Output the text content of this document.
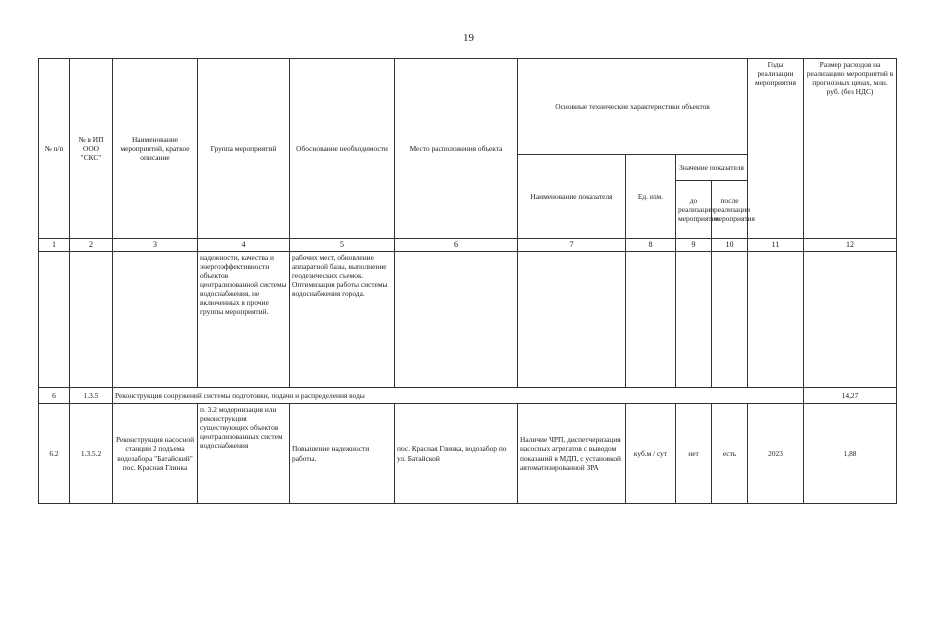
19
№ п/п	№ в ИП ООО "СКС"	Наименование мероприятий, краткое описание	Группа мероприятий	Обоснование необходимости	Место расположения объекта	Основные технические характеристики объектов				Годы реализации мероприятия	Размер расходов на реализацию мероприятий в прогнозных ценах, млн. руб. (без НДС)
						Наименование показателя	Ед. изм.	Значение показателя			
								до реализации мероприятия	после реализации мероприятия		
1	2	3	4	5	6	7	8	9	10	11	12
			надежности, качества и энергоэффективности объектов централизованной системы водоснабжения, не включенных в прочие группы мероприятий.	рабочих мест, обновление аппаратной базы, выполнение геодезических съемок. Оптимизация работы системы водоснабжения города.							
6	1.3.5	Реконструкция сооружений системы подготовки, подачи и распределения воды									14,27
6.2	1.3.5.2	Реконструкция насосной станции 2 подъема водозабора "Батайский" пос. Красная Глинка	п. 3.2 модернизация или реконструкция существующих объектов централизованных систем водоснабжения	Повышение надежности работы.	пос. Красная Глинка, водозабор по ул. Батайской	Наличие ЧРП, диспетчеризация насосных агрегатов с выводом показаний в МДП, с установкой автоматизированной ЗРА	куб.м / сут	нет	есть	2023	1,88
